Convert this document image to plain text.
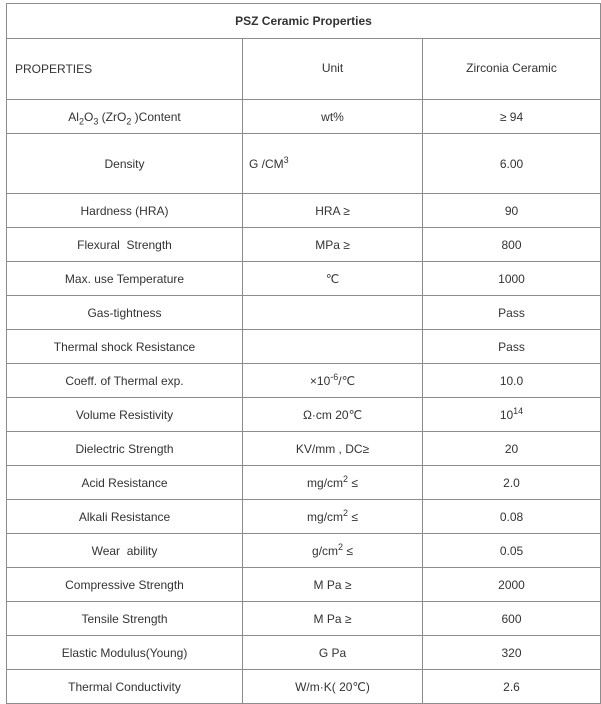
PSZ Ceramic Properties		
PROPERTIES	Unit	Zirconia Ceramic
$Al_2O_3$ (ZrO$_2$ )Content	wt%	≥ 94
Density	G $/CM^3$	6.00
Hardness (HRA)	HRA ≥	90
Flexural  Strength	MPa ≥	800
Max. use Temperature	℃	1000
Gas-tightness		Pass
Thermal shock Resistance		Pass
Coeff. of Thermal exp.	$\times 10^{-6}/℃$	10.0
Volume Resistivity	Ω·cm 20℃	$10^{14}$
Dielectric Strength	KV/mm , DC≥	20
Acid Resistance	$mg/cm^2$ ≤	2.0
Alkali Resistance	$mg/cm^2$ ≤	0.08
Wear  ability	$g/cm^2$ ≤	0.05
Compressive Strength	M Pa ≥	2000
Tensile Strength	M Pa ≥	600
Elastic Modulus(Young)	G Pa	320
Thermal Conductivity	W/m·K( 20℃)	2.6
